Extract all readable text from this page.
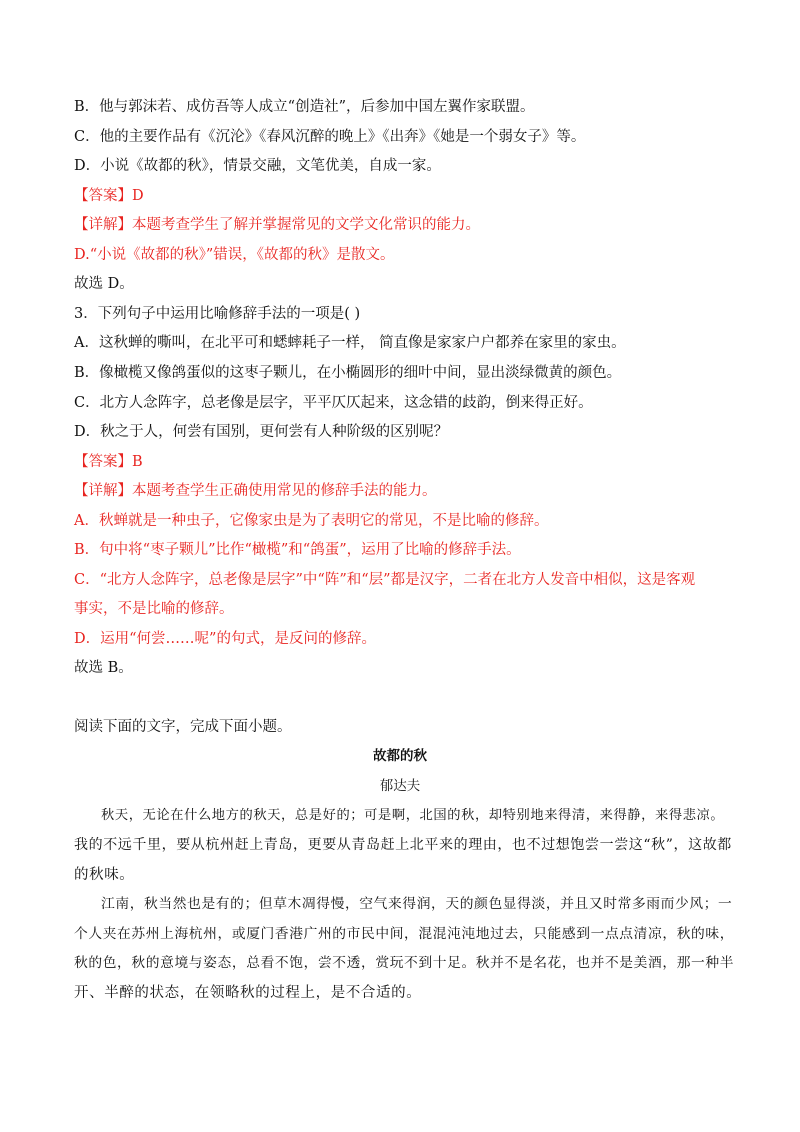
B．他与郭沫若、成仿吾等人成立“创造社”，后参加中国左翼作家联盟。
C．他的主要作品有《沉沦》《春风沉醉的晚上》《出奔》《她是一个弱女子》等。
D．小说《故都的秋》，情景交融，文笔优美，自成一家。
【答案】D
【详解】本题考查学生了解并掌握常见的文学文化常识的能力。
D.“小说《故都的秋》”错误，《故都的秋》是散文。
故选 D。
3．下列句子中运用比喻修辞手法的一项是( )
A．这秋蝉的嘶叫，在北平可和蟋蟀耗子一样， 简直像是家家户户都养在家里的家虫。
B．像橄榄又像鸽蛋似的这枣子颗儿，在小椭圆形的细叶中间，显出淡绿微黄的颜色。
C．北方人念阵字，总老像是层字，平平仄仄起来，这念错的歧韵，倒来得正好。
D．秋之于人，何尝有国别，更何尝有人种阶级的区别呢？
【答案】B
【详解】本题考查学生正确使用常见的修辞手法的能力。
A．秋蝉就是一种虫子，它像家虫是为了表明它的常见，不是比喻的修辞。
B．句中将“枣子颗儿”比作“橄榄”和“鸽蛋”，运用了比喻的修辞手法。
C．“北方人念阵字，总老像是层字”中“阵”和“层”都是汉字，二者在北方人发音中相似，这是客观
事实，不是比喻的修辞。
D．运用“何尝……呢”的句式，是反问的修辞。
故选 B。
阅读下面的文字，完成下面小题。
故都的秋
郁达夫
秋天，无论在什么地方的秋天，总是好的；可是啊，北国的秋，却特别地来得清，来得静，来得悲凉。
我的不远千里，要从杭州赶上青岛，更要从青岛赶上北平来的理由，也不过想饱尝一尝这“秋”，这故都
的秋味。
江南，秋当然也是有的；但草木凋得慢，空气来得润，天的颜色显得淡，并且又时常多雨而少风；一
个人夹在苏州上海杭州，或厦门香港广州的市民中间，混混沌沌地过去，只能感到一点点清凉，秋的味，
秋的色，秋的意境与姿态，总看不饱，尝不透，赏玩不到十足。秋并不是名花，也并不是美酒，那一种半
开、半醉的状态，在领略秋的过程上，是不合适的。
